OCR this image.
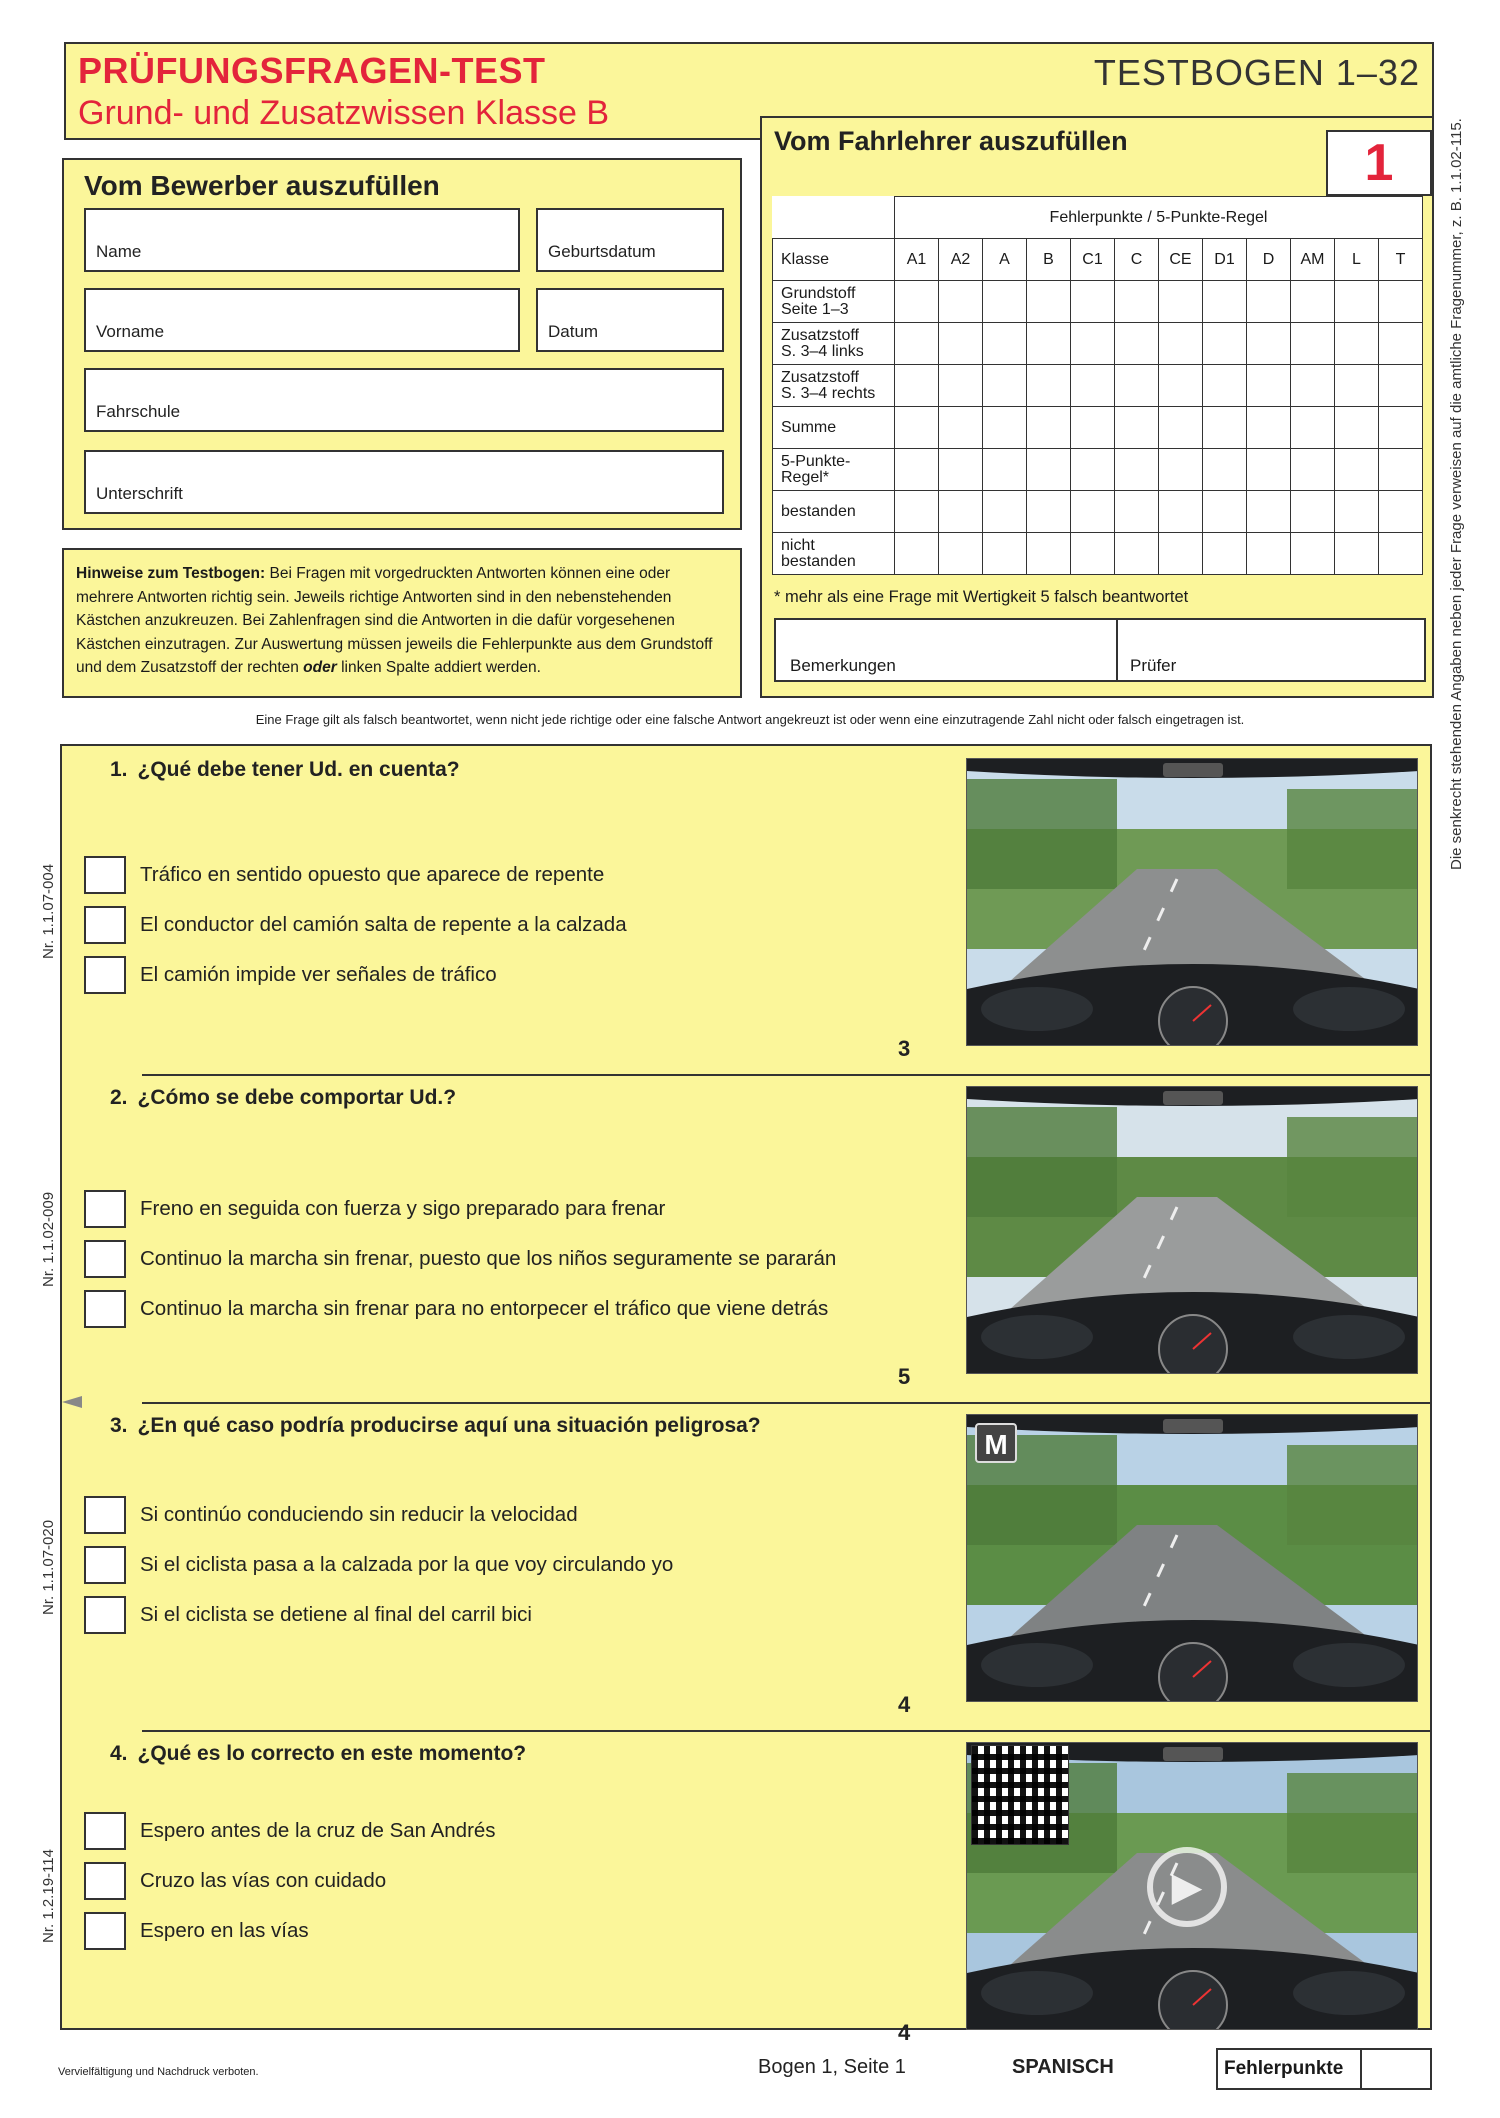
PRÜFUNGSFRAGEN-TEST
Grund- und Zusatzwissen Klasse B
TESTBOGEN 1–32
Vom Bewerber auszufüllen
Name	Geburtsdatum
Vorname	Datum
Fahrschule
Unterschrift
Hinweise zum Testbogen: Bei Fragen mit vorgedruckten Antworten können eine oder mehrere Antworten richtig sein. Jeweils richtige Antworten sind in den nebenstehenden Kästchen anzukreuzen. Bei Zahlenfragen sind die Antworten in die dafür vorgesehenen Kästchen einzutragen. Zur Auswertung müssen jeweils die Fehlerpunkte aus dem Grundstoff und dem Zusatzstoff der rechten oder linken Spalte addiert werden.
Vom Fahrlehrer auszufüllen	1
	Fehlerpunkte / 5-Punkte-Regel											
Klasse	A1	A2	A	B	C1	C	CE	D1	D	AM	L	T

Grundstoff
Seite 1–3												

Zusatzstoff
S. 3–4 links												

Zusatzstoff
S. 3–4 rechts												

Summe												

5-Punkte-
Regel*												

bestanden												

nicht
bestanden												

* mehr als eine Frage mit Wertigkeit 5 falsch beantwortet
Bemerkungen	Prüfer
Eine Frage gilt als falsch beantwortet, wenn nicht jede richtige oder eine falsche Antwort angekreuzt ist oder wenn eine einzutragende Zahl nicht oder falsch eingetragen ist.	Die senkrecht stehenden Angaben neben jeder Frage verweisen auf die amtliche Fragenummer, z. B. 1.1.02-115.
1. ¿Qué debe tener Ud. en cuenta?
Tráfico en sentido opuesto que aparece de repente
El conductor del camión salta de repente a la calzada
El camión impide ver señales de tráfico
3
2. ¿Cómo se debe comportar Ud.?
Freno en seguida con fuerza y sigo preparado para frenar
Continuo la marcha sin frenar, puesto que los niños seguramente se pararán
Continuo la marcha sin frenar para no entorpecer el tráfico que viene detrás
5
3. ¿En qué caso podría producirse aquí una situación peligrosa?
Si continúo conduciendo sin reducir la velocidad
Si el ciclista pasa a la calzada por la que voy circulando yo
Si el ciclista se detiene al final del carril bici
4
M
4. ¿Qué es lo correcto en este momento?
Espero antes de la cruz de San Andrés
Cruzo las vías con cuidado
Espero en las vías
4
▶
Vervielfältigung und Nachdruck verboten.	Bogen 1, Seite 1	SPANISCH	Fehlerpunkte
Nr. 1.1.07-004
Nr. 1.1.02-009
Nr. 1.1.07-020
Nr. 1.2.19-114
